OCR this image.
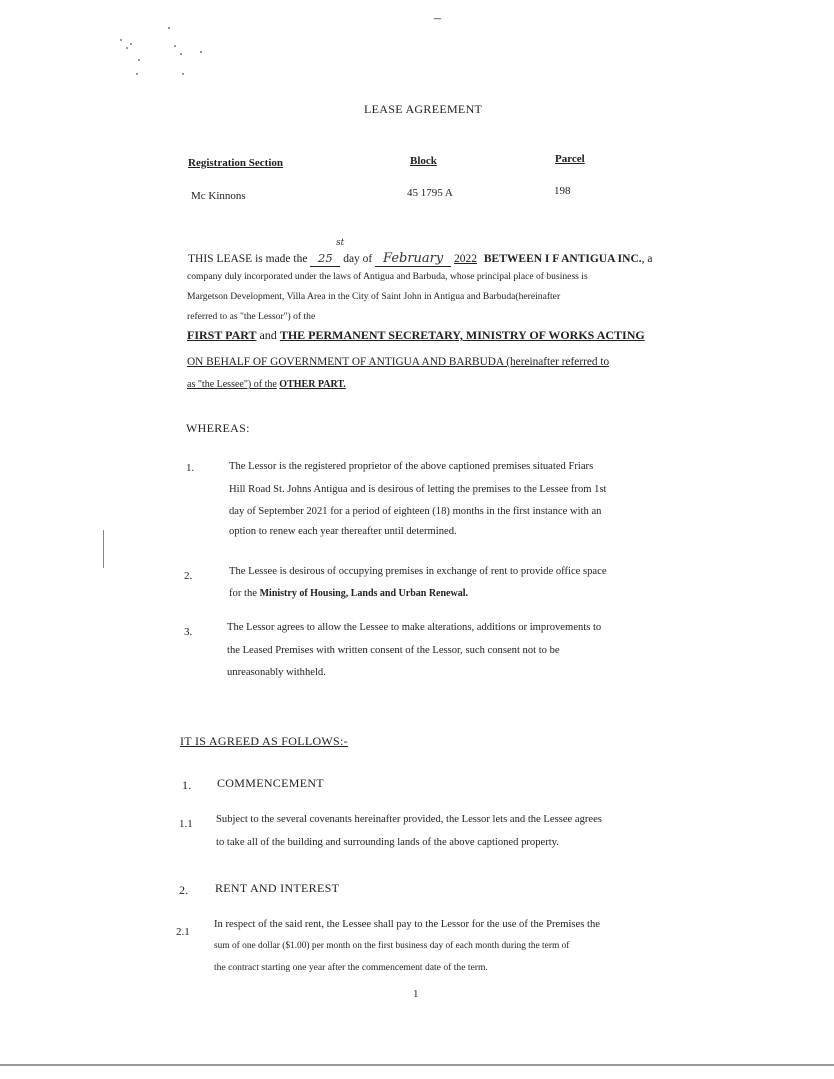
–
LEASE AGREEMENT
Registration Section	Block	Parcel
Mc Kinnons	45 1795 A	198
THIS LEASE is made the 25 day of February 2022 BETWEEN I F ANTIGUA INC., a
st
company duly incorporated under the laws of Antigua and Barbuda, whose principal place of business is
Margetson Development, Villa Area in the City of Saint John in Antigua and Barbuda(hereinafter
referred to as "the Lessor") of the
FIRST PART and THE PERMANENT SECRETARY, MINISTRY OF WORKS ACTING
ON BEHALF OF GOVERNMENT OF ANTIGUA AND BARBUDA (hereinafter referred to
as "the Lessee") of the OTHER PART.
WHEREAS:
1.	The Lessor is the registered proprietor of the above captioned premises situated Friars
Hill Road St. Johns Antigua and is desirous of letting the premises to the Lessee from 1st
day of September 2021 for a period of eighteen (18) months in the first instance with an
option to renew each year thereafter until determined.
2.	The Lessee is desirous of occupying premises in exchange of rent to provide office space
for the Ministry of Housing, Lands and Urban Renewal.
3.	The Lessor agrees to allow the Lessee to make alterations, additions or improvements to
the Leased Premises with written consent of the Lessor, such consent not to be
unreasonably withheld.
IT IS AGREED AS FOLLOWS:-
1. COMMENCEMENT
1.1 Subject to the several covenants hereinafter provided, the Lessor lets and the Lessee agrees
to take all of the building and surrounding lands of the above captioned property.
2. RENT AND INTEREST
2.1
In respect of the said rent, the Lessee shall pay to the Lessor for the use of the Premises the
sum of one dollar ($1.00) per month on the first business day of each month during the term of
the contract starting one year after the commencement date of the term.
1
